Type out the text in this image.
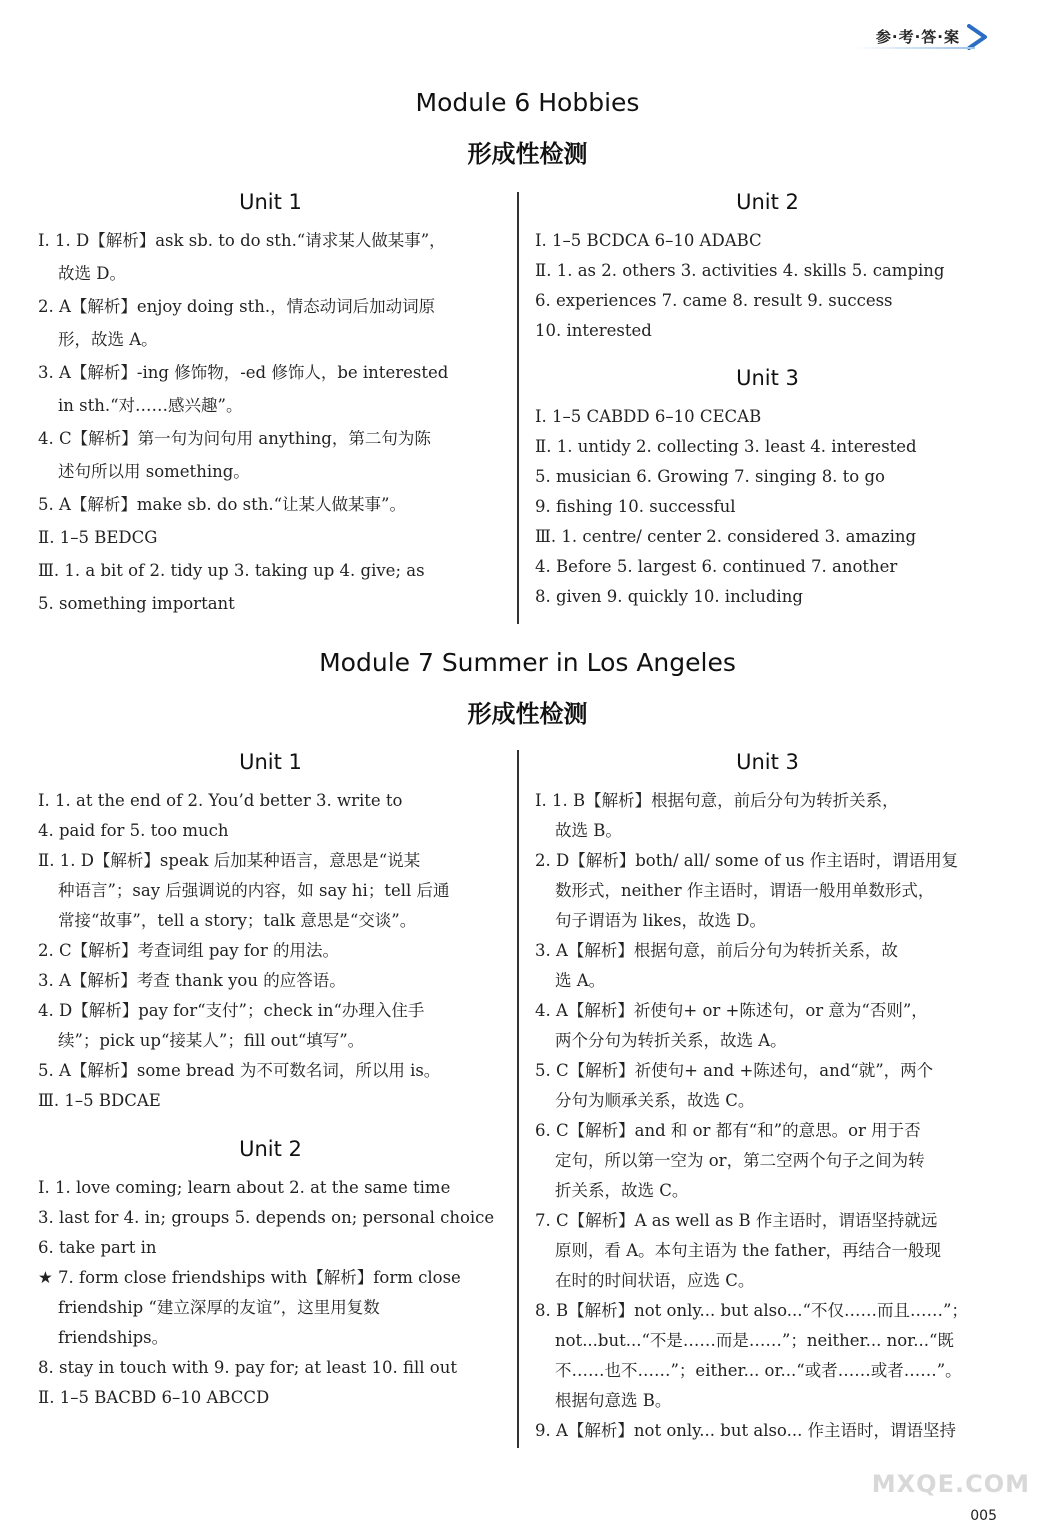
参·考·答·案
Module 6 Hobbies
形成性检测

Unit 1

Ⅰ. 1. D【解析】ask sb. to do sth.“请求某人做某事”，

故选 D。

2. A【解析】enjoy doing sth.，情态动词后加动词原

形，故选 A。

3. A【解析】-ing 修饰物，-ed 修饰人，be interested

in sth.“对……感兴趣”。

4. C【解析】第一句为问句用 anything，第二句为陈

述句所以用 something。

5. A【解析】make sb. do sth.“让某人做某事”。

Ⅱ. 1–5 BEDCG

Ⅲ. 1. a bit of 2. tidy up 3. taking up 4. give; as

5. something important

Unit 2

Ⅰ. 1–5 BCDCA 6–10 ADABC

Ⅱ. 1. as 2. others 3. activities 4. skills 5. camping

6. experiences 7. came 8. result 9. success

10. interested

Unit 3

Ⅰ. 1–5 CABDD 6–10 CECAB

Ⅱ. 1. untidy 2. collecting 3. least 4. interested

5. musician 6. Growing 7. singing 8. to go

9. fishing 10. successful

Ⅲ. 1. centre/ center 2. considered 3. amazing

4. Before 5. largest 6. continued 7. another

8. given 9. quickly 10. including

Module 7 Summer in Los Angeles
形成性检测

Unit 1

Ⅰ. 1. at the end of 2. You’d better 3. write to

4. paid for 5. too much

Ⅱ. 1. D【解析】speak 后加某种语言，意思是“说某

种语言”；say 后强调说的内容，如 say hi；tell 后通

常接“故事”，tell a story；talk 意思是“交谈”。

2. C【解析】考查词组 pay for 的用法。

3. A【解析】考查 thank you 的应答语。

4. D【解析】pay for“支付”；check in“办理入住手

续”；pick up“接某人”；fill out“填写”。

5. A【解析】some bread 为不可数名词，所以用 is。

Ⅲ. 1–5 BDCAE

Unit 2

Ⅰ. 1. love coming; learn about 2. at the same time

3. last for 4. in; groups 5. depends on; personal choice

6. take part in

★ 7. form close friendships with【解析】form close

friendship “建立深厚的友谊”，这里用复数

friendships。

8. stay in touch with 9. pay for; at least 10. fill out

Ⅱ. 1–5 BACBD 6–10 ABCCD

Unit 3

Ⅰ. 1. B【解析】根据句意，前后分句为转折关系，

故选 B。

2. D【解析】both/ all/ some of us 作主语时，谓语用复

数形式，neither 作主语时，谓语一般用单数形式，

句子谓语为 likes，故选 D。

3. A【解析】根据句意，前后分句为转折关系，故

选 A。

4. A【解析】祈使句+ or +陈述句，or 意为“否则”，

两个分句为转折关系，故选 A。

5. C【解析】祈使句+ and +陈述句，and“就”，两个

分句为顺承关系，故选 C。

6. C【解析】and 和 or 都有“和”的意思。or 用于否

定句，所以第一空为 or，第二空两个句子之间为转

折关系，故选 C。

7. C【解析】A as well as B 作主语时，谓语坚持就远

原则，看 A。本句主语为 the father，再结合一般现

在时的时间状语，应选 C。

8. B【解析】not only... but also...“不仅……而且……”；

not...but...“不是……而是……”；neither... nor...“既

不……也不……”；either... or...“或者……或者……”。

根据句意选 B。

9. A【解析】not only... but also... 作主语时，谓语坚持

MXQE.COM
005
